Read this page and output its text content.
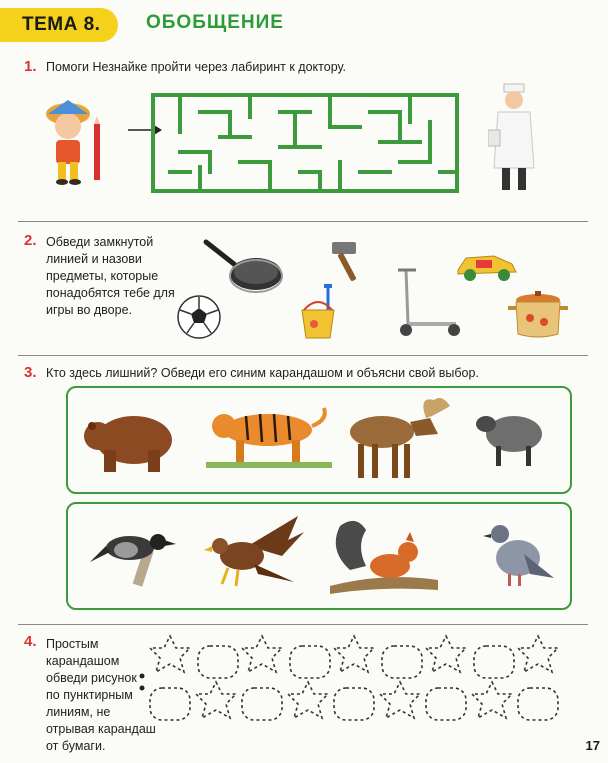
ТЕМА 8. ОБОБЩЕНИЕ
1. Помоги Незнайке пройти через лабиринт к доктору.
2. Обведи замкнутой
линией и назови
предметы, которые
понадобятся тебе для
игры во дворе.
3. Кто здесь лишний? Обведи его синим карандашом и объясни свой выбор.
4. Простым
карандашом
обведи рисунок
по пунктирным
линиям, не
отрывая карандаш
от бумаги.	17
